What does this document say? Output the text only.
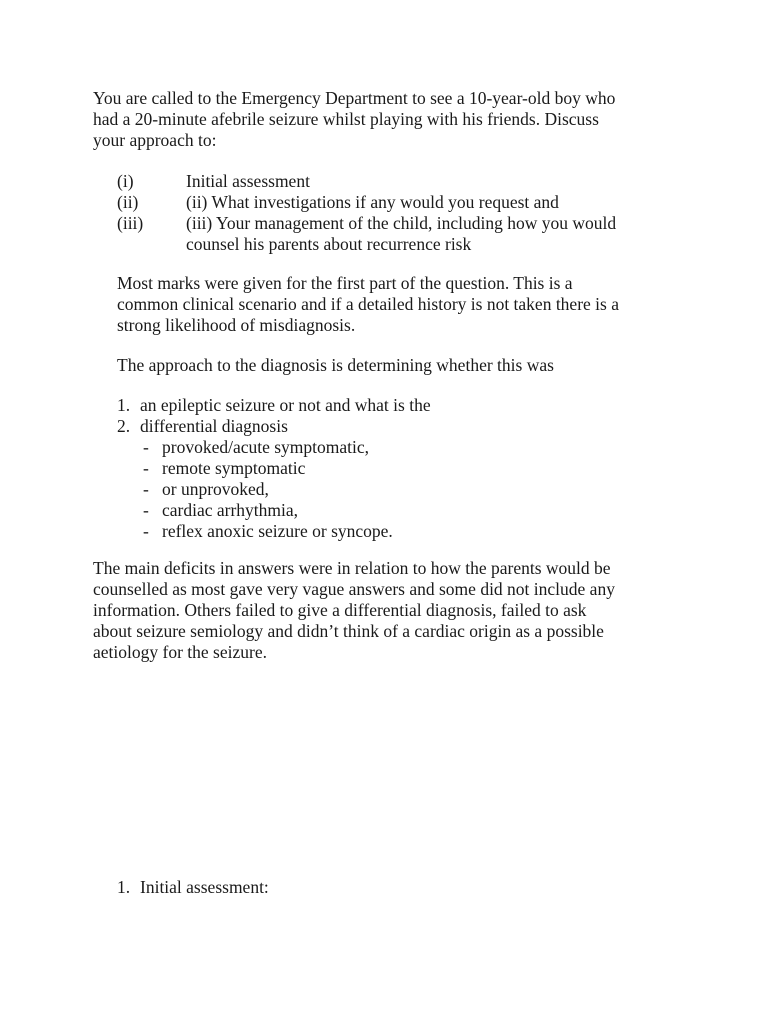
You are called to the Emergency Department to see a 10-year-old boy who
had a 20-minute afebrile seizure whilst playing with his friends. Discuss
your approach to:
(i)	Initial assessment
(ii)	(ii) What investigations if any would you request and
(iii) (iii) Your management of the child, including how you would
counsel his parents about recurrence risk
Most marks were given for the first part of the question. This is a
common clinical scenario and if a detailed history is not taken there is a
strong likelihood of misdiagnosis.
The approach to the diagnosis is determining whether this was
1. an epileptic seizure or not and what is the
2. differential diagnosis
- provoked/acute symptomatic,
- remote symptomatic
- or unprovoked,
- cardiac arrhythmia,
- reflex anoxic seizure or syncope.
The main deficits in answers were in relation to how the parents would be
counselled as most gave very vague answers and some did not include any
information. Others failed to give a differential diagnosis, failed to ask
about seizure semiology and didn’t think of a cardiac origin as a possible
aetiology for the seizure.
1. Initial assessment:
